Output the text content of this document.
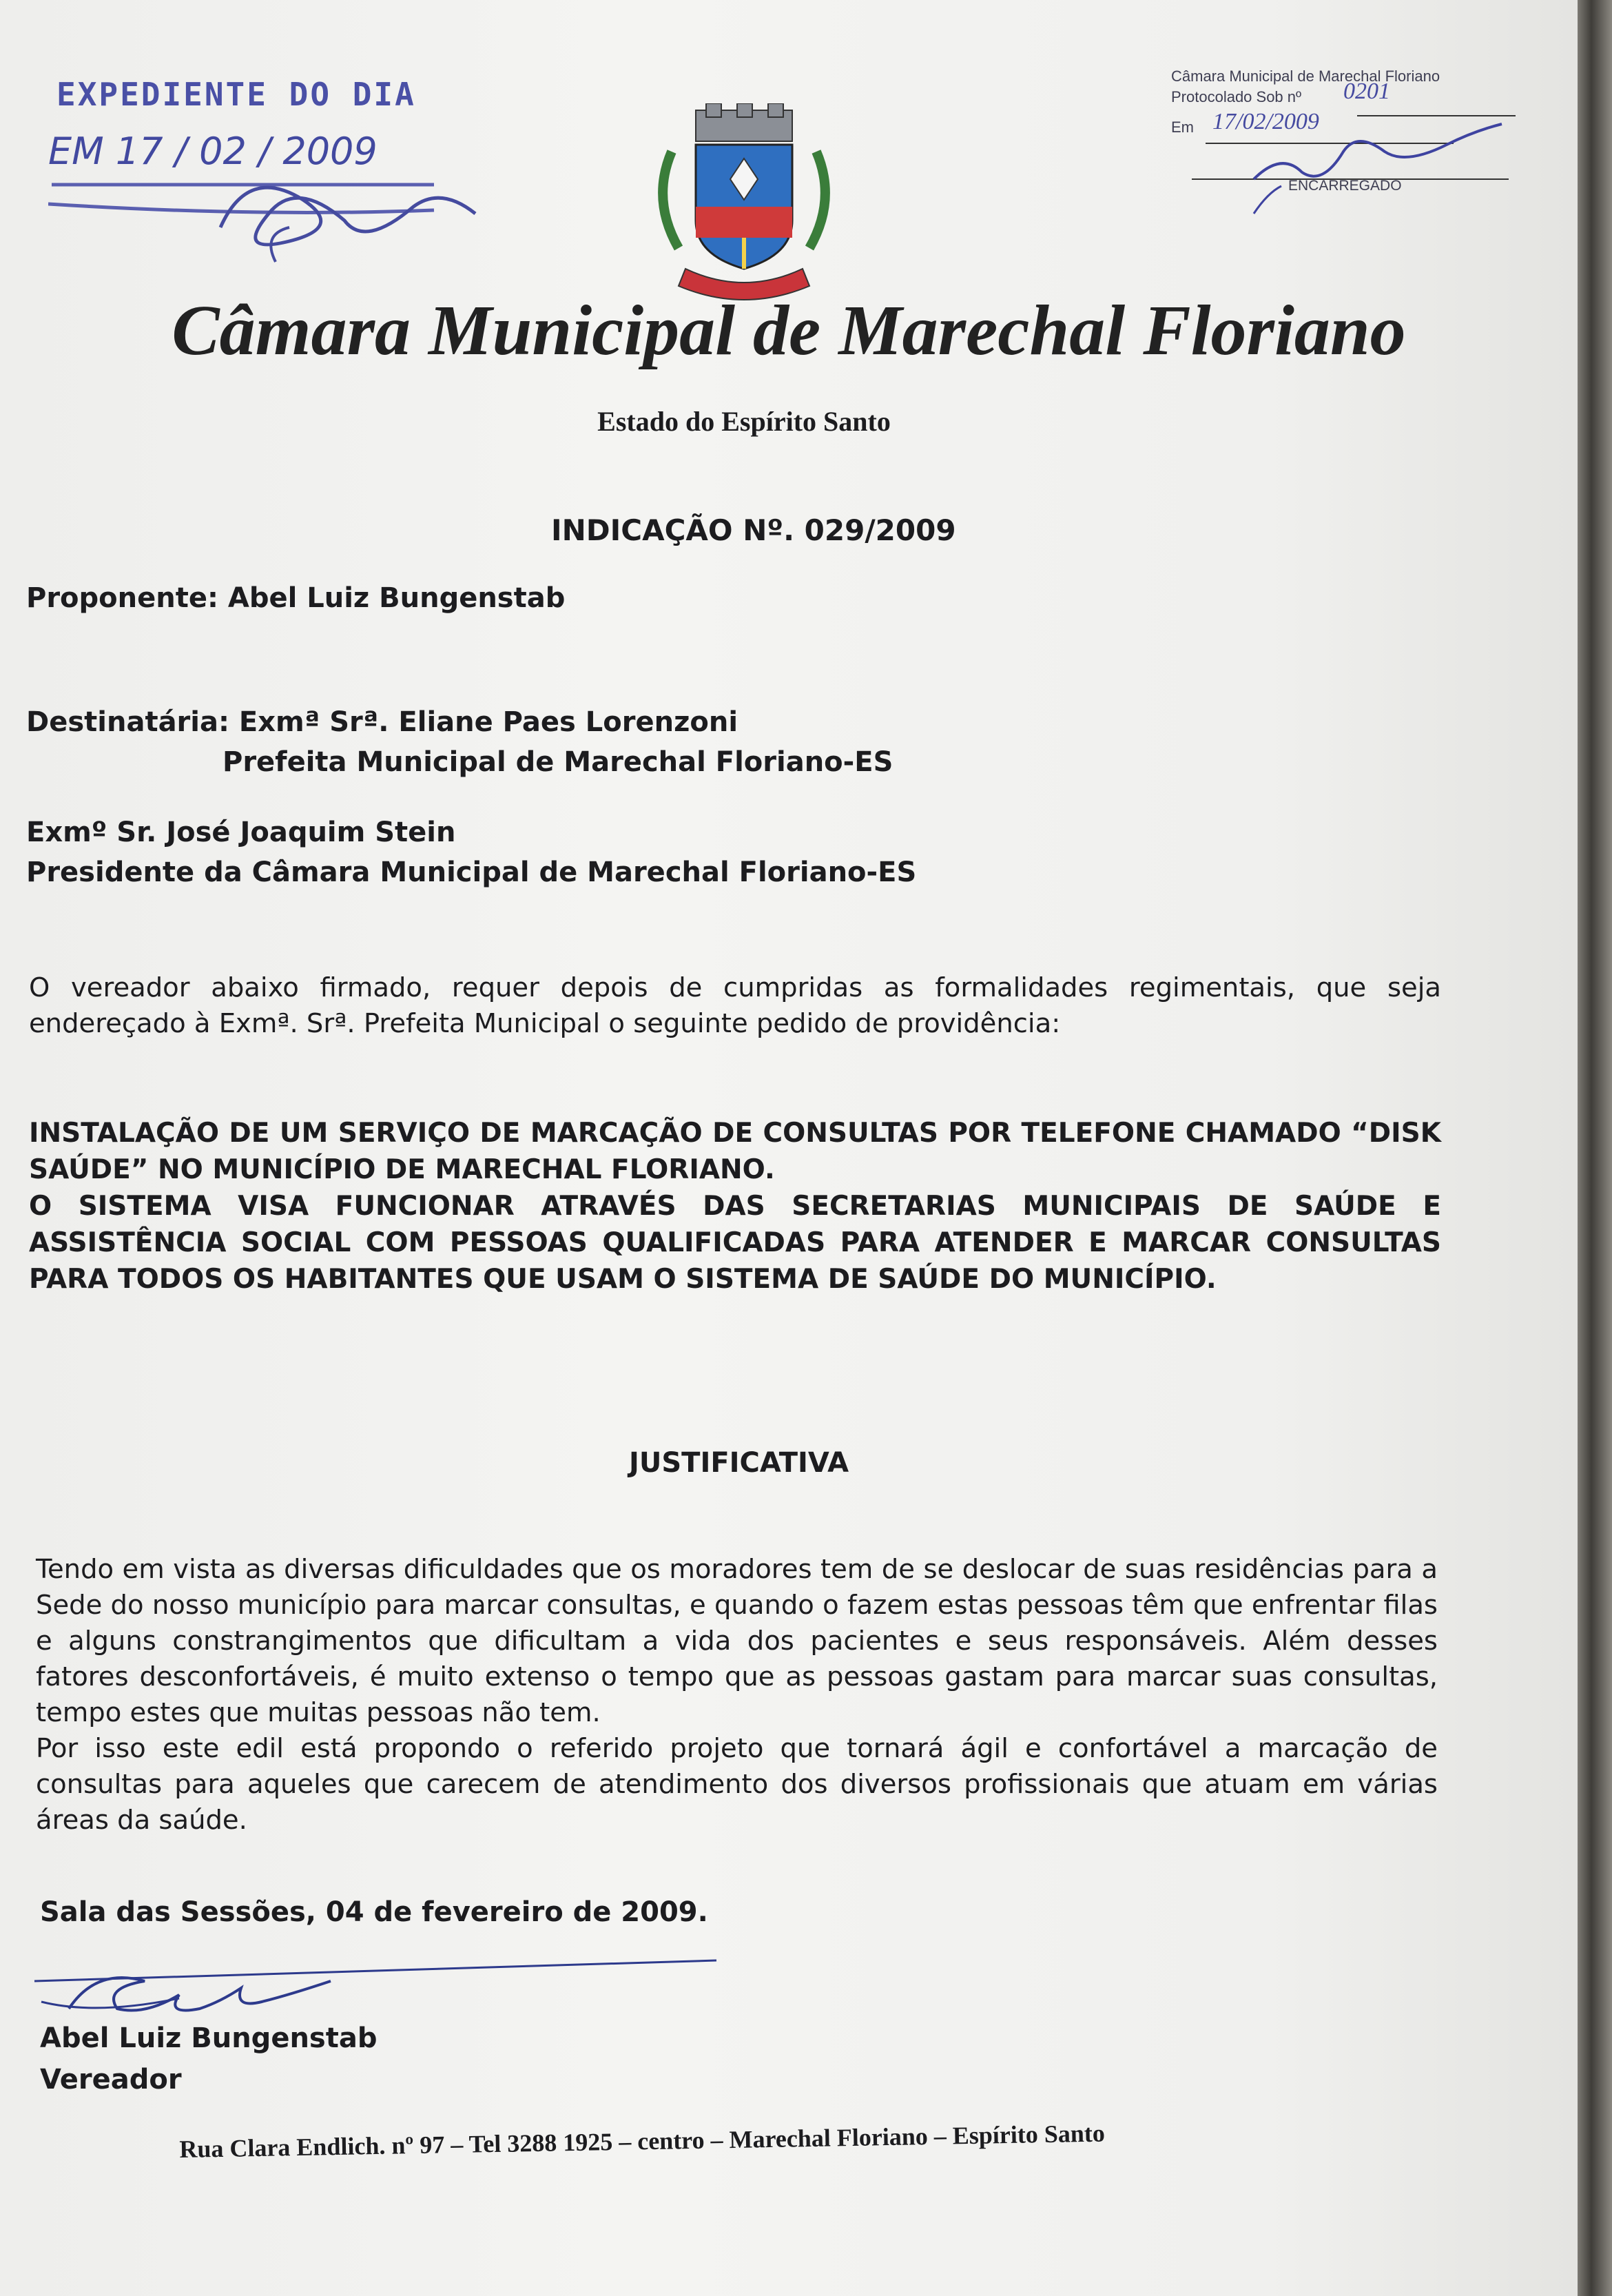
EXPEDIENTE DO DIA
EM 17 / 02 / 2009
Câmara Municipal de Marechal Floriano
Protocolado Sob nº 0201
Em 17/02/2009
ENCARREGADO
Câmara Municipal de Marechal Floriano
Estado do Espírito Santo
INDICAÇÃO Nº. 029/2009
Proponente: Abel Luiz Bungenstab
Destinatária: Exmª Srª. Eliane Paes Lorenzoni
Prefeita Municipal de Marechal Floriano-ES
Exmº Sr. José Joaquim Stein
Presidente da Câmara Municipal de Marechal Floriano-ES

O vereador abaixo firmado, requer depois de cumpridas as formalidades regimentais, que seja endereçado à Exmª. Srª. Prefeita Municipal o seguinte pedido de providência:

INSTALAÇÃO DE UM SERVIÇO DE MARCAÇÃO DE CONSULTAS POR TELEFONE CHAMADO “DISK SAÚDE” NO MUNICÍPIO DE MARECHAL FLORIANO.

O SISTEMA VISA FUNCIONAR ATRAVÉS DAS SECRETARIAS MUNICIPAIS DE SAÚDE E ASSISTÊNCIA SOCIAL COM PESSOAS QUALIFICADAS PARA ATENDER E MARCAR CONSULTAS PARA TODOS OS HABITANTES QUE USAM O SISTEMA DE SAÚDE DO MUNICÍPIO.

JUSTIFICATIVA

Tendo em vista as diversas dificuldades que os moradores tem de se deslocar de suas residências para a Sede do nosso município para marcar consultas, e quando o fazem estas pessoas têm que enfrentar filas e alguns constrangimentos que dificultam a vida dos pacientes e seus responsáveis. Além desses fatores desconfortáveis, é muito extenso o tempo que as pessoas gastam para marcar suas consultas, tempo estes que muitas pessoas não tem.

Por isso este edil está propondo o referido projeto que tornará ágil e confortável a marcação de consultas para aqueles que carecem de atendimento dos diversos profissionais que atuam em várias áreas da saúde.

Sala das Sessões, 04 de fevereiro de 2009.
Abel Luiz Bungenstab
Vereador
Rua Clara Endlich. nº 97 – Tel 3288 1925 – centro – Marechal Floriano – Espírito Santo
